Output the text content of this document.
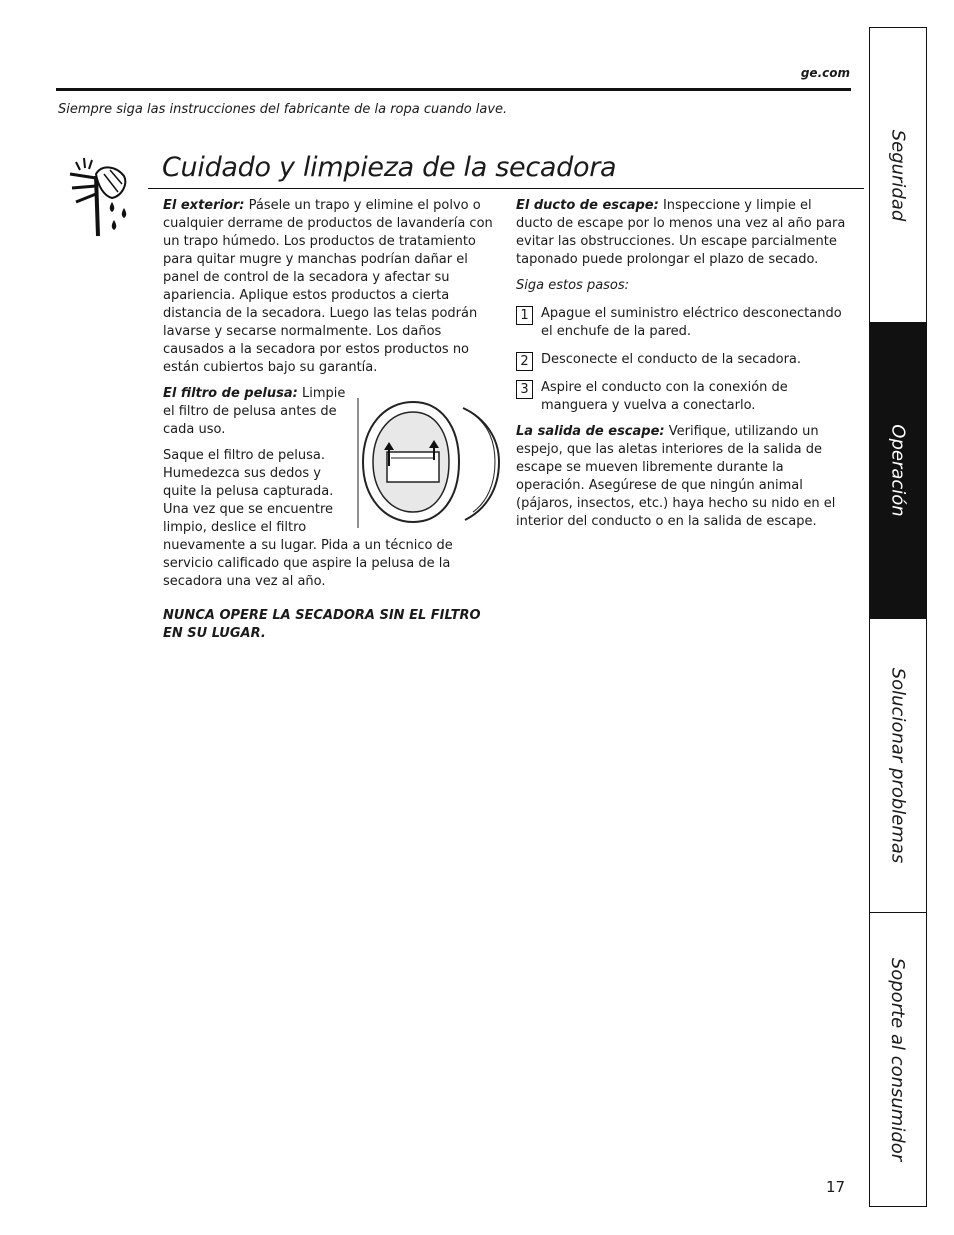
ge.com
Siempre siga las instrucciones del fabricante de la ropa cuando lave.
Cuidado y limpieza de la secadora

El exterior: Pásele un trapo y elimine el polvo o cualquier derrame de productos de lavandería con un trapo húmedo. Los productos de tratamiento para quitar mugre y manchas podrían dañar el panel de control de la secadora y afectar su apariencia. Aplique estos productos a cierta distancia de la secadora. Luego las telas podrán lavarse y secarse normalmente. Los daños causados a la secadora por estos productos no están cubiertos bajo su garantía.

El filtro de pelusa: Limpie el filtro de pelusa antes de cada uso.

Saque el filtro de pelusa. Humedezca sus dedos y quite la pelusa capturada. Una vez que se encuentre limpio, deslice el filtro

nuevamente a su lugar. Pida a un técnico de servicio calificado que aspire la pelusa de la secadora una vez al año.

NUNCA OPERE LA SECADORA SIN EL FILTRO EN SU LUGAR.

El ducto de escape: Inspeccione y limpie el ducto de escape por lo menos una vez al año para evitar las obstrucciones. Un escape parcialmente taponado puede prolongar el plazo de secado.

Siga estos pasos:

1 Apague el suministro eléctrico desconectando el enchufe de la pared.
2 Desconecte el conducto de la secadora.
3 Aspire el conducto con la conexión de manguera y vuelva a conectarlo.

La salida de escape: Verifique, utilizando un espejo, que las aletas interiores de la salida de escape se mueven libremente durante la operación. Asegúrese de que ningún animal (pájaros, insectos, etc.) haya hecho su nido en el interior del conducto o en la salida de escape.

Seguridad
Operación
Solucionar problemas
Soporte al consumidor
17
